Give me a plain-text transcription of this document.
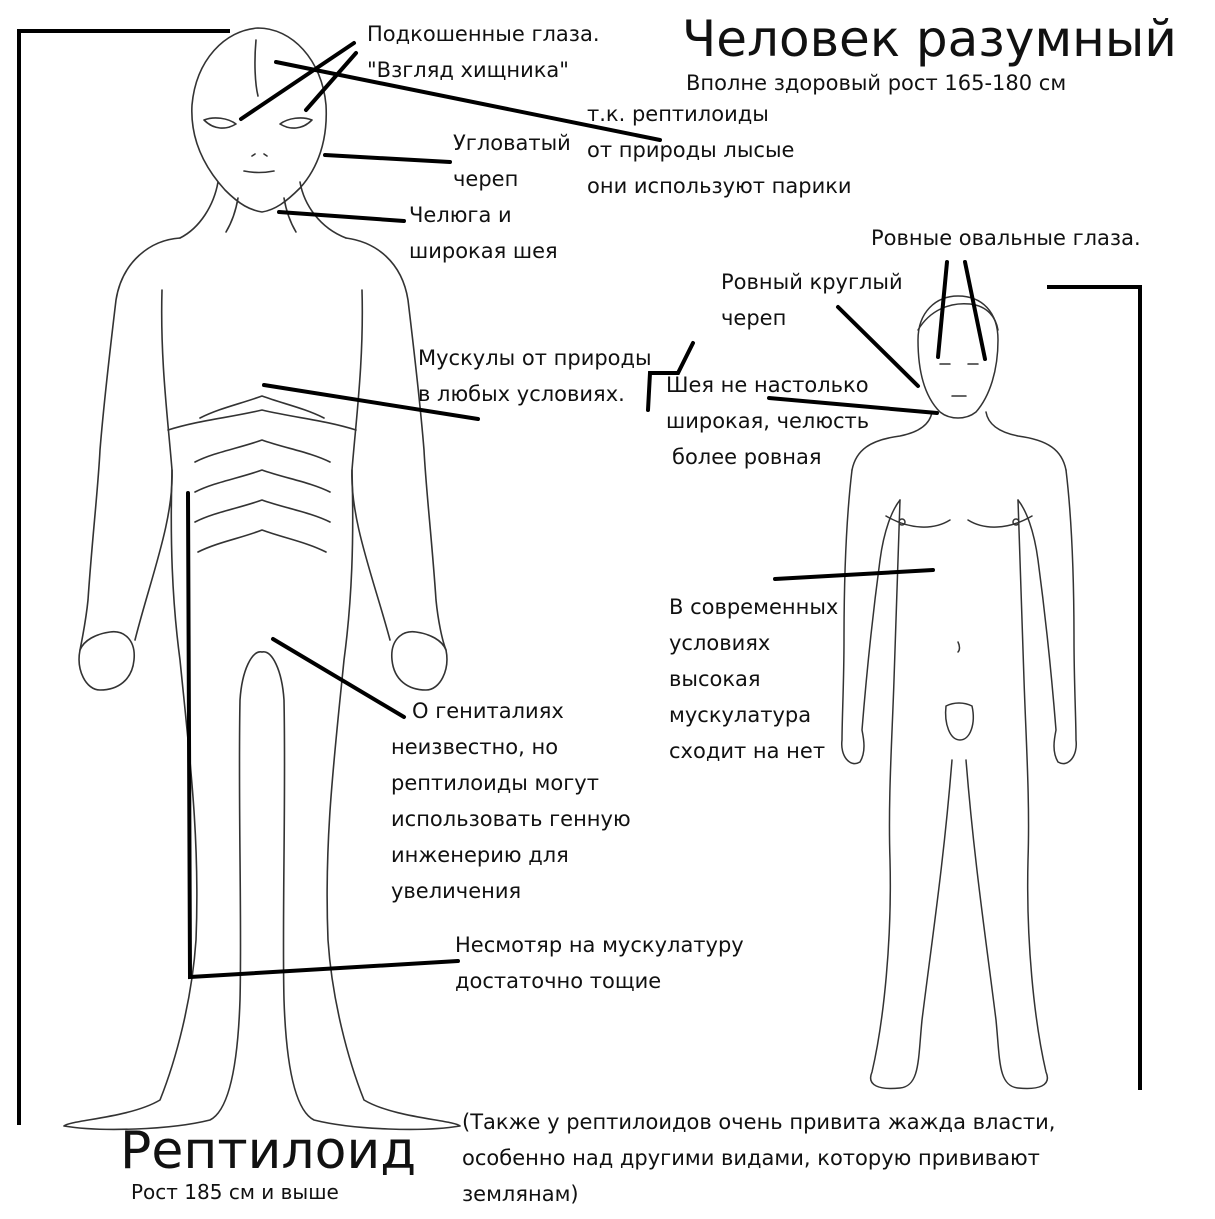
Человек разумный
Вполне здоровый рост 165-180 см
Рептилоид
Рост 185 см и выше
Подкошенные глаза.
"Взгляд хищника"
т.к. рептилоиды
от природы лысые
они используют парики
Угловатый
череп
Челюга и
широкая шея
Мускулы от природы
в любых условиях.
О гениталиях
неизвестно, но
рептилоиды могут
использовать генную
инженерию для
увеличения
Несмотяр на мускулатуру
достаточно тощие
Ровные овальные глаза.
Ровный круглый
череп
Шея не настолько
широкая, челюсть
более ровная
В современных
условиях
высокая
мускулатура
сходит на нет
(Также у рептилоидов очень привита жажда власти,
особенно над другими видами, которую прививают
землянам)
